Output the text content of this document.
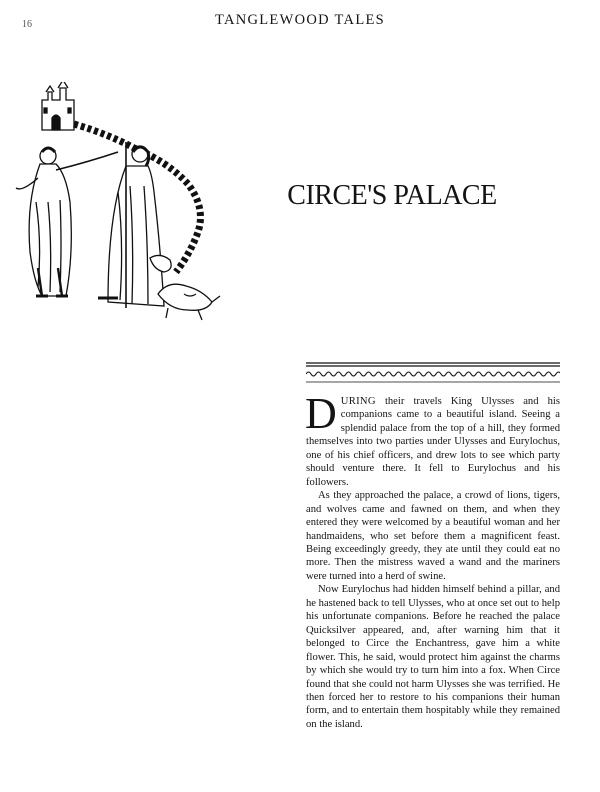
16	TANGLEWOOD TALES
CIRCE'S PALACE

DURING their travels King Ulysses and his companions came to a beautiful island. Seeing a splendid palace from the top of a hill, they formed themselves into two parties under Ulysses and Eurylochus, one of his chief officers, and drew lots to see which party should venture there. It fell to Eurylochus and his followers.

As they approached the palace, a crowd of lions, tigers, and wolves came and fawned on them, and when they entered they were welcomed by a beautiful woman and her handmaidens, who set before them a magnificent feast. Being exceedingly greedy, they ate until they could eat no more. Then the mistress waved a wand and the mariners were turned into a herd of swine.

Now Eurylochus had hidden himself behind a pillar, and he hastened back to tell Ulysses, who at once set out to help his unfortunate companions. Before he reached the palace Quicksilver appeared, and, after warning him that it belonged to Circe the Enchantress, gave him a white flower. This, he said, would protect him against the charms by which she would try to turn him into a fox. When Circe found that she could not harm Ulysses she was terrified. He then forced her to restore to his companions their human form, and to entertain them hospitably while they remained on the island.
